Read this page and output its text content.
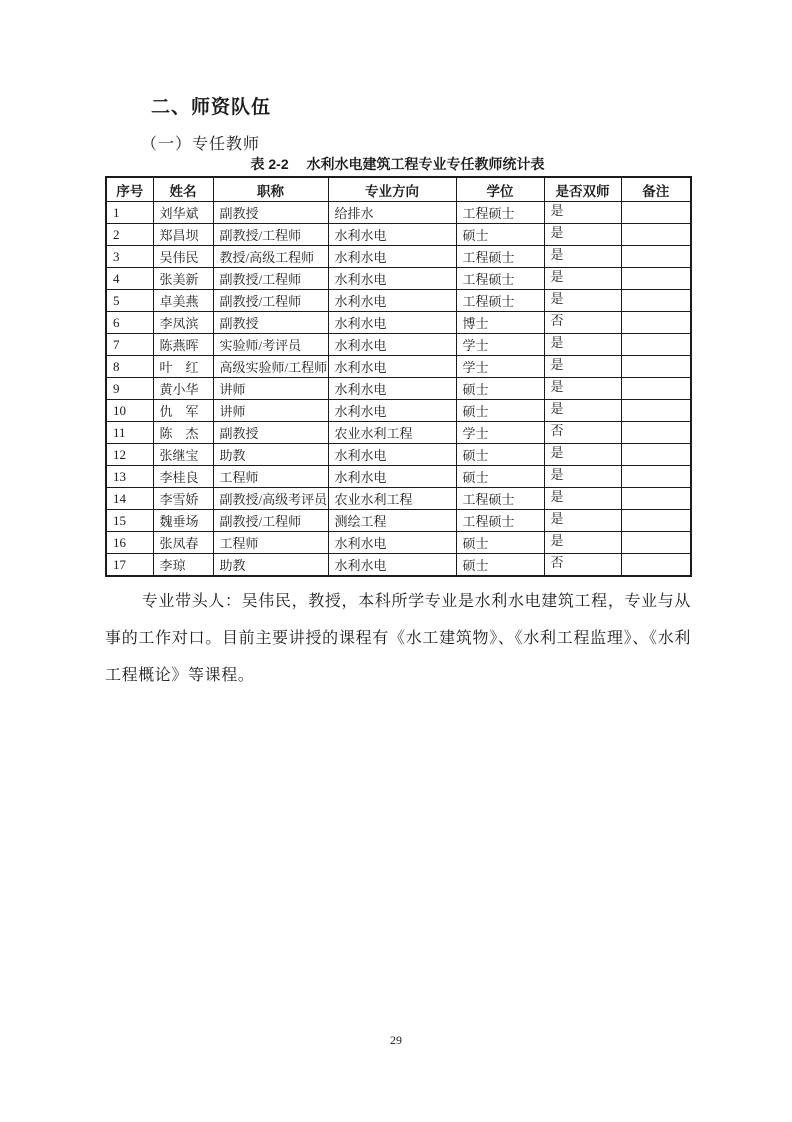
二、师资队伍
（一）专任教师
表 2-2 水利水电建筑工程专业专任教师统计表
序号	姓名	职称	专业方向	学位	是否双师	备注
1	刘华斌	副教授	给排水	工程硕士	是	
2	郑昌坝	副教授/工程师	水利水电	硕士	是	
3	吴伟民	教授/高级工程师	水利水电	工程硕士	是	
4	张美新	副教授/工程师	水利水电	工程硕士	是	
5	卓美燕	副教授/工程师	水利水电	工程硕士	是	
6	李凤滨	副教授	水利水电	博士	否	
7	陈燕晖	实验师/考评员	水利水电	学士	是	
8	叶　红	高级实验师/工程师	水利水电	学士	是	
9	黄小华	讲师	水利水电	硕士	是	
10	仇　军	讲师	水利水电	硕士	是	
11	陈　杰	副教授	农业水利工程	学士	否	
12	张继宝	助教	水利水电	硕士	是	
13	李桂良	工程师	水利水电	硕士	是	
14	李雪娇	副教授/高级考评员	农业水利工程	工程硕士	是	
15	魏垂场	副教授/工程师	测绘工程	工程硕士	是	
16	张凤春	工程师	水利水电	硕士	是	
17	李琼	助教	水利水电	硕士	否	

专业带头人：吴伟民，教授，本科所学专业是水利水电建筑工程，专业与从事的工作对口。目前主要讲授的课程有《水工建筑物》、《水利工程监理》、《水利工程概论》等课程。

29
